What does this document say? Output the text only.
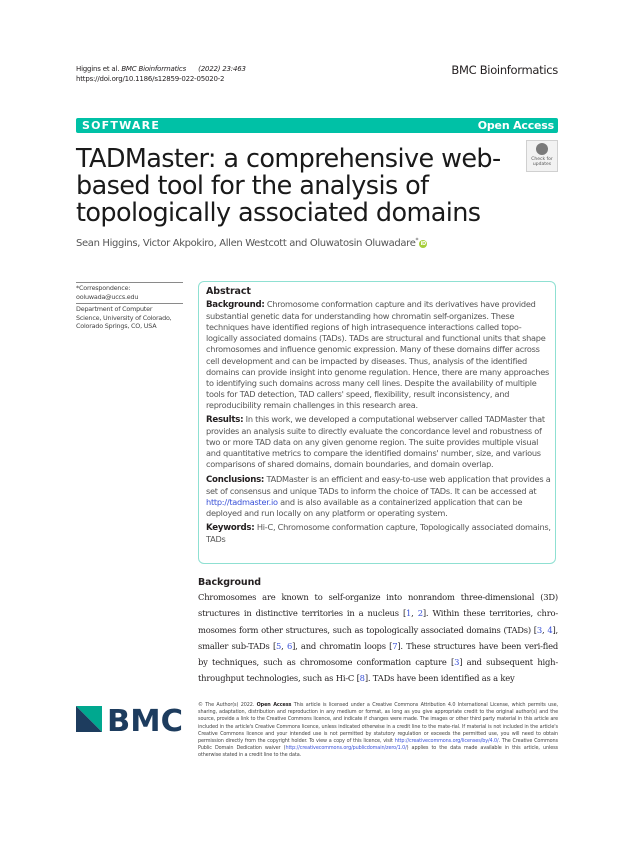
Higgins et al. BMC Bioinformatics (2022) 23:463
https://doi.org/10.1186/s12859-022-05020-2
BMC Bioinformatics
SOFTWARE	Open Access
TADMaster: a comprehensive web-based tool for the analysis of topologically associated domains
Check for
updates
Sean Higgins, Victor Akpokiro, Allen Westcott and Oluwatosin Oluwadare* iD
*Correspondence:
ooluwada@uccs.edu
Department of Computer
Science, University of Colorado,
Colorado Springs, CO, USA
Abstract

Background: Chromosome conformation capture and its derivatives have provided substantial genetic data for understanding how chromatin self-organizes. These techniques have identified regions of high intrasequence interactions called topo-logically associated domains (TADs). TADs are structural and functional units that shape chromosomes and influence genomic expression. Many of these domains differ across cell development and can be impacted by diseases. Thus, analysis of the identified domains can provide insight into genome regulation. Hence, there are many approaches to identifying such domains across many cell lines. Despite the availability of multiple tools for TAD detection, TAD callers' speed, flexibility, result inconsistency, and reproducibility remain challenges in this research area.

Results: In this work, we developed a computational webserver called TADMaster that provides an analysis suite to directly evaluate the concordance level and robustness of two or more TAD data on any given genome region. The suite provides multiple visual and quantitative metrics to compare the identified domains' number, size, and various comparisons of shared domains, domain boundaries, and domain overlap.

Conclusions: TADMaster is an efficient and easy-to-use web application that provides a set of consensus and unique TADs to inform the choice of TADs. It can be accessed at http://tadmaster.io and is also available as a containerized application that can be deployed and run locally on any platform or operating system.

Keywords: Hi-C, Chromosome conformation capture, Topologically associated domains, TADs

Background
Chromosomes are known to self-organize into nonrandom three-dimensional (3D) structures in distinctive territories in a nucleus [1, 2]. Within these territories, chro-mosomes form other structures, such as topologically associated domains (TADs) [3, 4], smaller sub-TADs [5, 6], and chromatin loops [7]. These structures have been veri-fied by techniques, such as chromosome conformation capture [3] and subsequent high-throughput technologies, such as Hi-C [8]. TADs have been identified as a key
BMC	© The Author(s) 2022. Open Access This article is licensed under a Creative Commons Attribution 4.0 International License, which permits use, sharing, adaptation, distribution and reproduction in any medium or format, as long as you give appropriate credit to the original author(s) and the source, provide a link to the Creative Commons licence, and indicate if changes were made. The images or other third party material in this article are included in the article's Creative Commons licence, unless indicated otherwise in a credit line to the mate-rial. If material is not included in the article's Creative Commons licence and your intended use is not permitted by statutory regulation or exceeds the permitted use, you will need to obtain permission directly from the copyright holder. To view a copy of this licence, visit http://creativecommons.org/licenses/by/4.0/. The Creative Commons Public Domain Dedication waiver (http://creativecommons.org/publicdomain/zero/1.0/) applies to the data made available in this article, unless otherwise stated in a credit line to the data.
